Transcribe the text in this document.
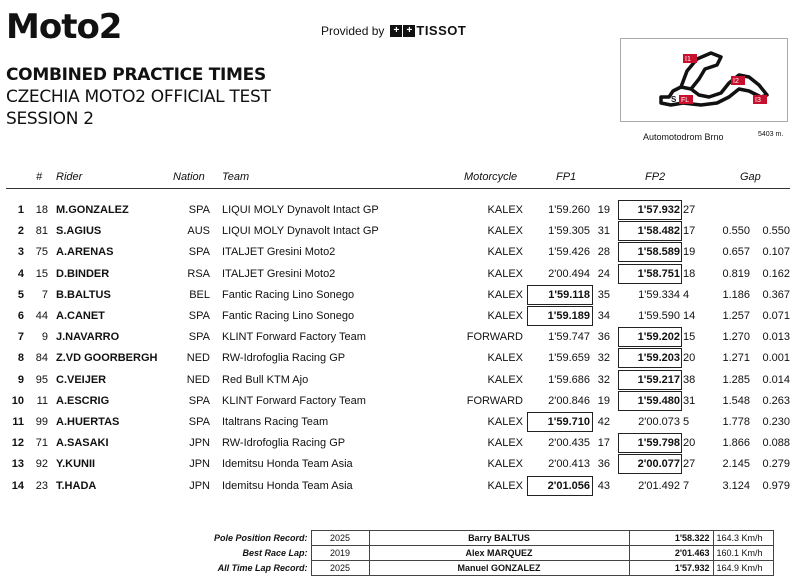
Moto2	Provided by + + TISSOT
COMBINED PRACTICE TIMES
CZECHIA MOTO2 OFFICIAL TEST
SESSION 2
I1
I2
I3
S FL
Automotodrom Brno	5403 m.
# Rider	Nation Team	Motorcycle	FP1	FP2	Gap
1	18 M.GONZALEZ	SPA LIQUI MOLY Dynavolt Intact GP	KALEX	1'59.260 19	1'57.932 27
2	81 S.AGIUS	AUS LIQUI MOLY Dynavolt Intact GP	KALEX	1'59.305 31	1'58.482 17	0.550	0.550
3	75 A.ARENAS	SPA ITALJET Gresini Moto2	KALEX	1'59.426 28	1'58.589 19	0.657	0.107
4	15 D.BINDER	RSA ITALJET Gresini Moto2	KALEX	2'00.494 24	1'58.751 18	0.819	0.162
5	7 B.BALTUS	BEL Fantic Racing Lino Sonego	KALEX	1'59.118 35	1'59.334 4	1.186	0.367
6	44 A.CANET	SPA Fantic Racing Lino Sonego	KALEX	1'59.189 34	1'59.590 14	1.257	0.071
7	9 J.NAVARRO	SPA KLINT Forward Factory Team	FORWARD	1'59.747 36	1'59.202 15	1.270	0.013
8	84 Z.VD GOORBERGH	NED RW-Idrofoglia Racing GP	KALEX	1'59.659 32	1'59.203 20	1.271	0.001
9	95 C.VEIJER	NED Red Bull KTM Ajo	KALEX	1'59.686 32	1'59.217 38	1.285	0.014
10	11 A.ESCRIG	SPA KLINT Forward Factory Team	FORWARD	2'00.846 19	1'59.480 31	1.548	0.263
11	99 A.HUERTAS	SPA Italtrans Racing Team	KALEX	1'59.710 42	2'00.073 5	1.778	0.230
12	71 A.SASAKI	JPN RW-Idrofoglia Racing GP	KALEX	2'00.435 17	1'59.798 20	1.866	0.088
13	92 Y.KUNII	JPN Idemitsu Honda Team Asia	KALEX	2'00.413 36	2'00.077 27	2.145	0.279
14	23 T.HADA	JPN Idemitsu Honda Team Asia	KALEX	2'01.056 43	2'01.492 7	3.124	0.979
Pole Position Record:	2025	Barry BALTUS	1'58.322	164.3 Km/h
Best Race Lap:	2019	Alex MARQUEZ	2'01.463	160.1 Km/h
All Time Lap Record:	2025	Manuel GONZALEZ	1'57.932	164.9 Km/h
